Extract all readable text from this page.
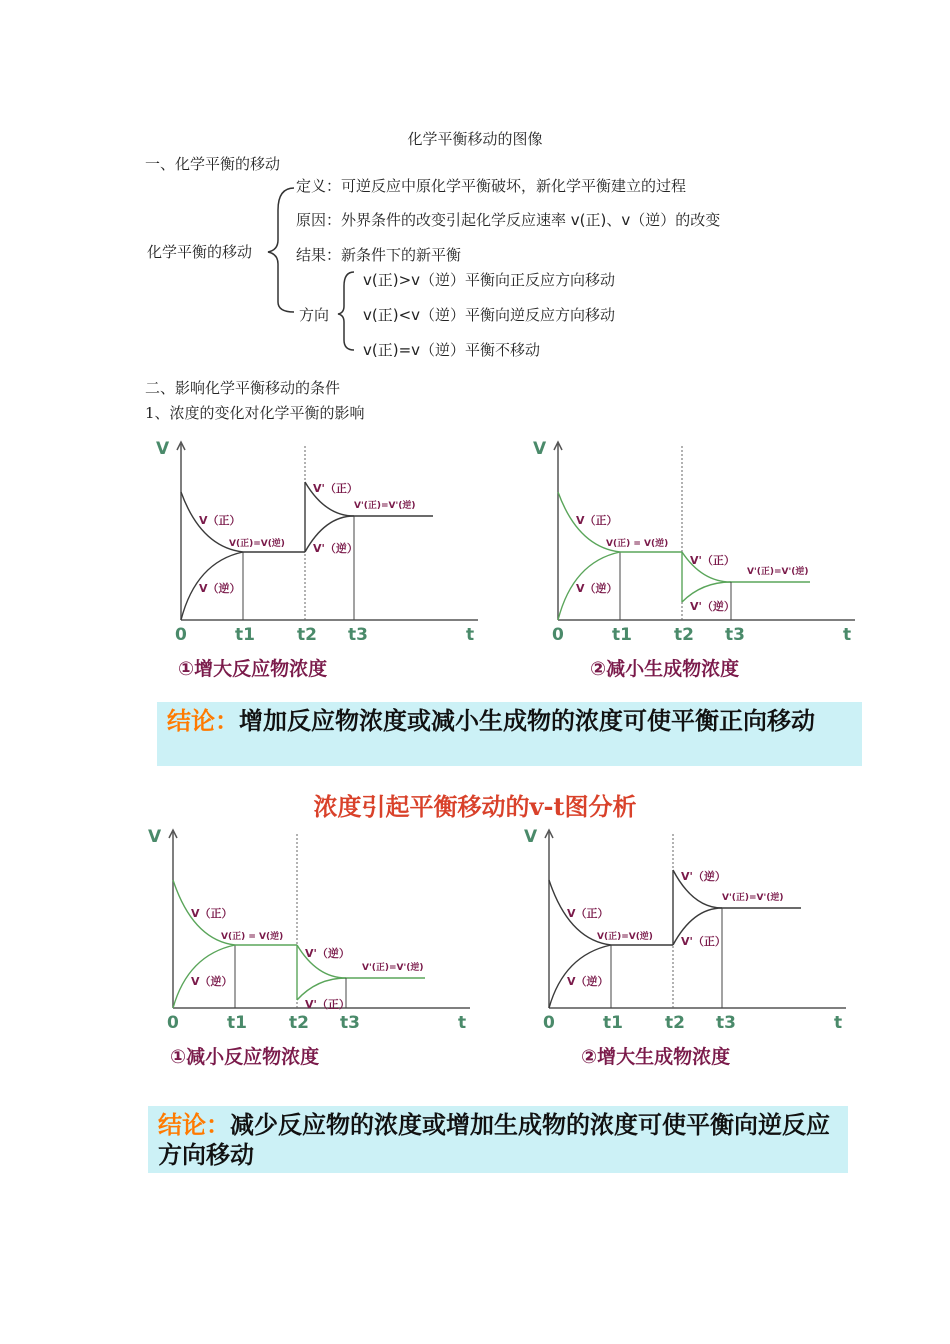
化学平衡移动的图像
一、化学平衡的移动
化学平衡的移动
定义：可逆反应中原化学平衡破坏，新化学平衡建立的过程
原因：外界条件的改变引起化学反应速率 v(正)、v（逆）的改变
结果：新条件下的新平衡
方向
v(正)>v（逆）平衡向正反应方向移动
v(正)<v（逆）平衡向逆反应方向移动
v(正)=v（逆）平衡不移动
二、影响化学平衡移动的条件
1、浓度的变化对化学平衡的影响
V
t
0	t1 t2 t3
V（正）
V（逆）
V(正)=V(逆)
V'（正）
V'（逆）
V'(正)=V'(逆)
①增大反应物浓度
V
t
0	t1 t2 t3
V（正）
V（逆）
V(正) = V(逆)
V'（正）
V'（逆）
V'(正)=V'(逆)
②减小生成物浓度
结论：增加反应物浓度或减小生成物的浓度可使平衡正向移动
浓度引起平衡移动的v-t图分析
V
t
0	t1 t2 t3
V（正）
V（逆）
V(正) = V(逆)
V'（逆）
V'（正）
V'(正)=V'(逆)
①减小反应物浓度
V
t
0	t1 t2 t3
V（正）
V（逆）
V(正)=V(逆)
V'（逆）
V'（正）
V'(正)=V'(逆)
②增大生成物浓度
结论：减少反应物的浓度或增加生成物的浓度可使平衡向逆反应方向移动
